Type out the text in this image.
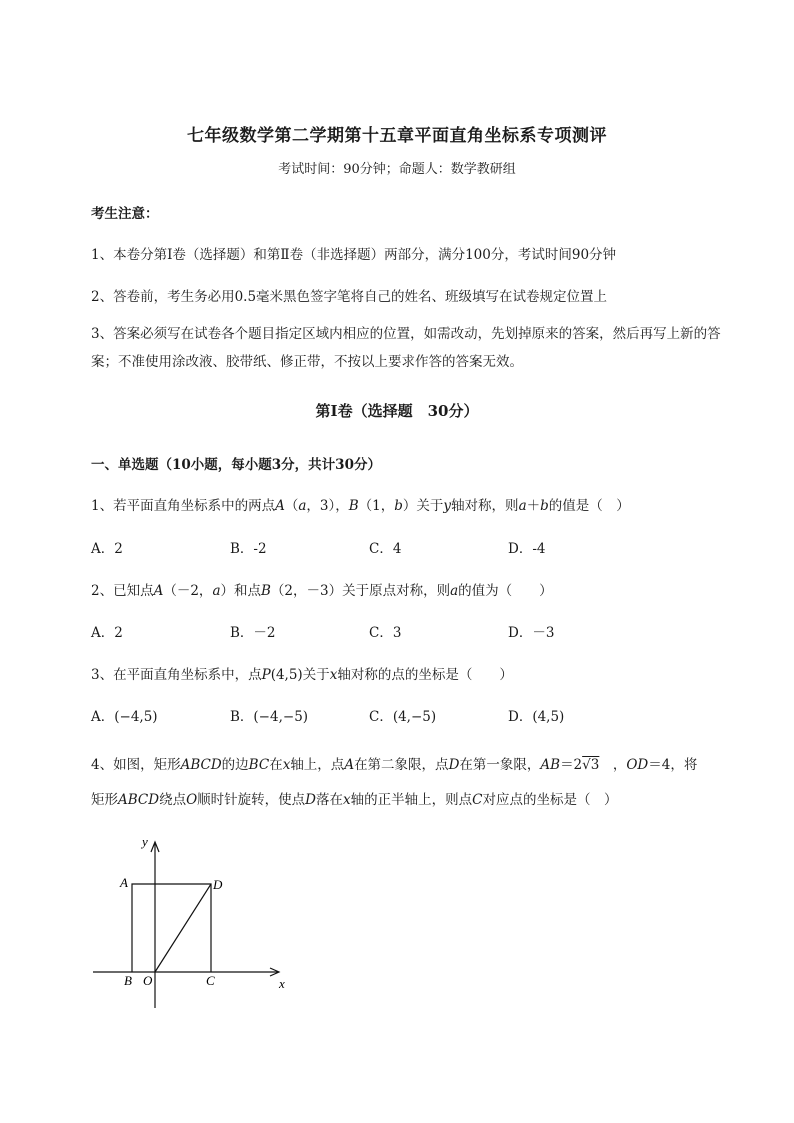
七年级数学第二学期第十五章平面直角坐标系专项测评
考试时间：90分钟；命题人：数学教研组
考生注意：
1、本卷分第Ⅰ卷（选择题）和第Ⅱ卷（非选择题）两部分，满分100分，考试时间90分钟
2、答卷前，考生务必用0.5毫米黑色签字笔将自己的姓名、班级填写在试卷规定位置上
3、答案必须写在试卷各个题目指定区域内相应的位置，如需改动，先划掉原来的答案，然后再写上新的答案；不准使用涂改液、胶带纸、修正带，不按以上要求作答的答案无效。
第Ⅰ卷（选择题　30分）
一、单选题（10小题，每小题3分，共计30分）
1、若平面直角坐标系中的两点A（a，3），B（1，b）关于y轴对称，则a＋b的值是（　）
A．2	B．-2	C．4	D．-4
2、已知点A（－2，a）和点B（2，－3）关于原点对称，则a的值为（　　）
A．2	B．－2	C．3	D．－3
3、在平面直角坐标系中，点P(4,5)关于x轴对称的点的坐标是（　　）
A．(−4,5)	B．(−4,−5)	C．(4,−5)	D．(4,5)
4、如图，矩形ABCD的边BC在x轴上，点A在第二象限，点D在第一象限，AB＝2√3　，OD＝4，将
矩形ABCD绕点O顺时针旋转，使点D落在x轴的正半轴上，则点C对应点的坐标是（　）
y
x
A	D
B O	C
